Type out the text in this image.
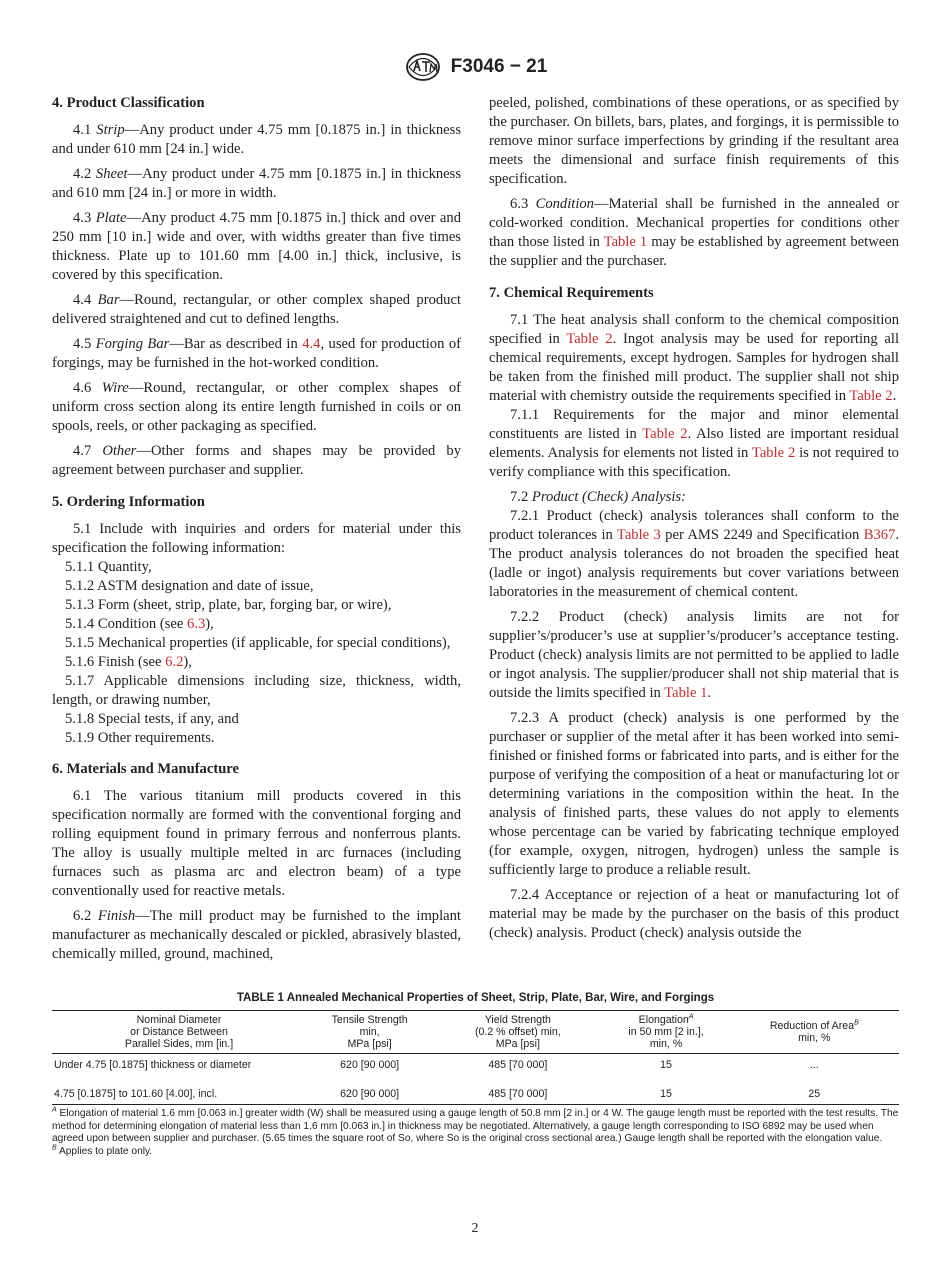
F3046 − 21
4. Product Classification
4.1 Strip—Any product under 4.75 mm [0.1875 in.] in thickness and under 610 mm [24 in.] wide.
4.2 Sheet—Any product under 4.75 mm [0.1875 in.] in thickness and 610 mm [24 in.] or more in width.
4.3 Plate—Any product 4.75 mm [0.1875 in.] thick and over and 250 mm [10 in.] wide and over, with widths greater than five times thickness. Plate up to 101.60 mm [4.00 in.] thick, inclusive, is covered by this specification.
4.4 Bar—Round, rectangular, or other complex shaped product delivered straightened and cut to defined lengths.
4.5 Forging Bar—Bar as described in 4.4, used for production of forgings, may be furnished in the hot-worked condition.
4.6 Wire—Round, rectangular, or other complex shapes of uniform cross section along its entire length furnished in coils or on spools, reels, or other packaging as specified.
4.7 Other—Other forms and shapes may be provided by agreement between purchaser and supplier.
5. Ordering Information
5.1 Include with inquiries and orders for material under this specification the following information:
5.1.1 Quantity,
5.1.2 ASTM designation and date of issue,
5.1.3 Form (sheet, strip, plate, bar, forging bar, or wire),
5.1.4 Condition (see 6.3),
5.1.5 Mechanical properties (if applicable, for special conditions),
5.1.6 Finish (see 6.2),
5.1.7 Applicable dimensions including size, thickness, width, length, or drawing number,
5.1.8 Special tests, if any, and
5.1.9 Other requirements.
6. Materials and Manufacture
6.1 The various titanium mill products covered in this specification normally are formed with the conventional forging and rolling equipment found in primary ferrous and nonferrous plants. The alloy is usually multiple melted in arc furnaces (including furnaces such as plasma arc and electron beam) of a type conventionally used for reactive metals.
6.2 Finish—The mill product may be furnished to the implant manufacturer as mechanically descaled or pickled, abrasively blasted, chemically milled, ground, machined,
peeled, polished, combinations of these operations, or as specified by the purchaser. On billets, bars, plates, and forgings, it is permissible to remove minor surface imperfections by grinding if the resultant area meets the dimensional and surface finish requirements of this specification.
6.3 Condition—Material shall be furnished in the annealed or cold-worked condition. Mechanical properties for conditions other than those listed in Table 1 may be established by agreement between the supplier and the purchaser.
7. Chemical Requirements
7.1 The heat analysis shall conform to the chemical composition specified in Table 2. Ingot analysis may be used for reporting all chemical requirements, except hydrogen. Samples for hydrogen shall be taken from the finished mill product. The supplier shall not ship material with chemistry outside the requirements specified in Table 2.
7.1.1 Requirements for the major and minor elemental constituents are listed in Table 2. Also listed are important residual elements. Analysis for elements not listed in Table 2 is not required to verify compliance with this specification.
7.2 Product (Check) Analysis:
7.2.1 Product (check) analysis tolerances shall conform to the product tolerances in Table 3 per AMS 2249 and Specification B367. The product analysis tolerances do not broaden the specified heat (ladle or ingot) analysis requirements but cover variations between laboratories in the measurement of chemical content.
7.2.2 Product (check) analysis limits are not for supplier’s/producer’s use at supplier’s/producer’s acceptance testing. Product (check) analysis limits are not permitted to be applied to ladle or ingot analysis. The supplier/producer shall not ship material that is outside the limits specified in Table 1.
7.2.3 A product (check) analysis is one performed by the purchaser or supplier of the metal after it has been worked into semi-finished or finished forms or fabricated into parts, and is either for the purpose of verifying the composition of a heat or manufacturing lot or determining variations in the composition within the heat. In the analysis of finished parts, these values do not apply to elements whose percentage can be varied by fabricating technique employed (for example, oxygen, nitrogen, hydrogen) unless the sample is sufficiently large to produce a reliable result.
7.2.4 Acceptance or rejection of a heat or manufacturing lot of material may be made by the purchaser on the basis of this product (check) analysis. Product (check) analysis outside the
TABLE 1 Annealed Mechanical Properties of Sheet, Strip, Plate, Bar, Wire, and Forgings
Nominal Diameter
or Distance Between
Parallel Sides, mm [in.]	Tensile Strength
min,
MPa [psi]	Yield Strength
(0.2 % offset) min,
MPa [psi]	Elongation$^A$
in 50 mm [2 in.],
min, %	Reduction of Area$^B$
min, %
Under 4.75 [0.1875] thickness or diameter	620 [90 000]	485 [70 000]	15	...
4.75 [0.1875] to 101.60 [4.00], incl.	620 [90 000]	485 [70 000]	15	25
$^A$ Elongation of material 1.6 mm [0.063 in.] greater width (W) shall be measured using a gauge length of 50.8 mm [2 in.] or 4 W. The gauge length must be reported with the test results. The method for determining elongation of material less than 1.6 mm [0.063 in.] in thickness may be negotiated. Alternatively, a gauge length corresponding to ISO 6892 may be used when agreed upon between supplier and purchaser. (5.65 times the square root of So, where So is the original cross sectional area.) Gauge length shall be reported with the elongation value.
$^B$ Applies to plate only.
2
